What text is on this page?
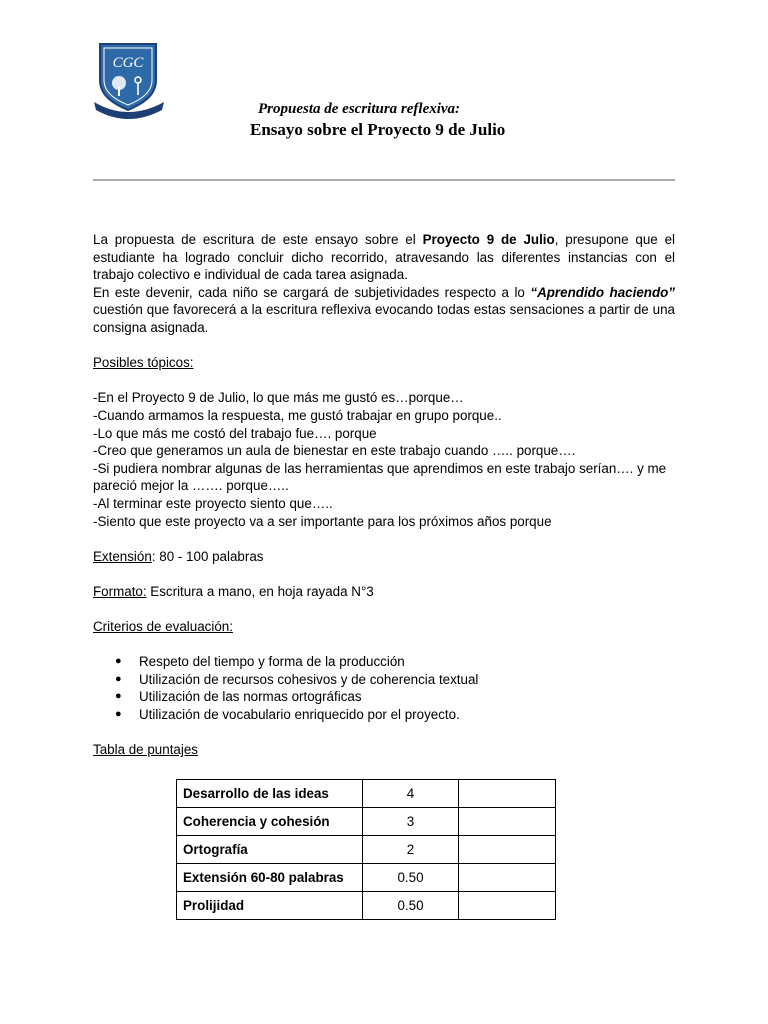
CGC
Propuesta de escritura reflexiva:
Ensayo sobre el Proyecto 9 de Julio

La propuesta de escritura de este ensayo sobre el Proyecto 9 de Julio, presupone que el estudiante ha logrado concluir dicho recorrido, atravesando las diferentes instancias con el trabajo colectivo e individual de cada tarea asignada.

En este devenir, cada niño se cargará de subjetividades respecto a lo “Aprendido haciendo” cuestión que favorecerá a la escritura reflexiva evocando todas estas sensaciones a partir de una consigna asignada.

Posibles tópicos:

-En el Proyecto 9 de Julio, lo que más me gustó es…porque…

-Cuando armamos la respuesta, me gustó trabajar en grupo porque..

-Lo que más me costó del trabajo fue…. porque

-Creo que generamos un aula de bienestar en este trabajo cuando ….. porque….

-Si pudiera nombrar algunas de las herramientas que aprendimos en este trabajo serían…. y me pareció mejor la ……. porque…..

-Al terminar este proyecto siento que…..

-Siento que este proyecto va a ser importante para los próximos años porque

Extensión: 80 - 100 palabras

Formato: Escritura a mano, en hoja rayada N°3

Criterios de evaluación:

● Respeto del tiempo y forma de la producción
● Utilización de recursos cohesivos y de coherencia textual
● Utilización de las normas ortográficas
● Utilización de vocabulario enriquecido por el proyecto.

Tabla de puntajes

Desarrollo de las ideas	4	
Coherencia y cohesión	3	
Ortografía	2	
Extensión 60-80 palabras	0.50	
Prolijidad	0.50	
